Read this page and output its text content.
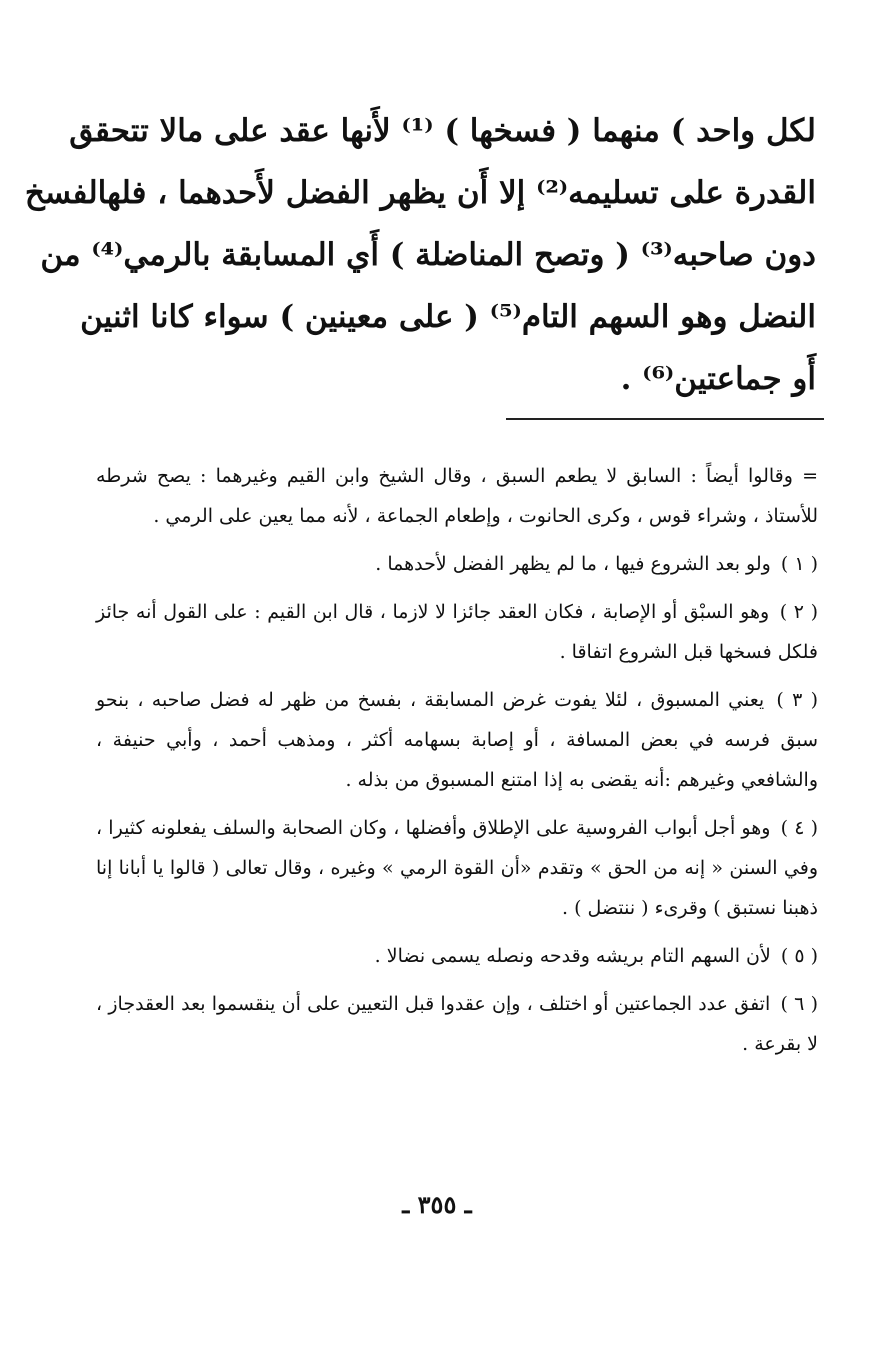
لكل واحد ) منهما ( فسخها ) ⁽¹⁾ لأَنها عقد على مالا تتحقق
القدرة على تسليمه⁽²⁾ إلا أَن يظهر الفضل لأَحدهما ، فلهالفسخ
دون صاحبه⁽³⁾ ( وتصح المناضلة ) أَي المسابقة بالرمي⁽⁴⁾ من
النضل وهو السهم التام⁽⁵⁾ ( على معينين ) سواء كانا اثنين
أَو جماعتين⁽⁶⁾ .

= وقالوا أيضاً : السابق لا يطعم السبق ، وقال الشيخ وابن القيم وغيرهما : يصح شرطه للأستاذ ، وشراء قوس ، وكرى الحانوت ، وإطعام الجماعة ، لأنه مما يعين على الرمي .

( ١ ) ولو بعد الشروع فيها ، ما لم يظهر الفضل لأحدهما .

( ٢ ) وهو السبْق أو الإصابة ، فكان العقد جائزا لا لازما ، قال ابن القيم : على القول أنه جائز فلكل فسخها قبل الشروع اتفاقا .

( ٣ ) يعني المسبوق ، لئلا يفوت غرض المسابقة ، بفسخ من ظهر له فضل صاحبه ، بنحو سبق فرسه في بعض المسافة ، أو إصابة بسهامه أكثر ، ومذهب أحمد ، وأبي حنيفة ، والشافعي وغيرهم :أنه يقضى به إذا امتنع المسبوق من بذله .

( ٤ ) وهو أجل أبواب الفروسية على الإطلاق وأفضلها ، وكان الصحابة والسلف يفعلونه كثيرا ، وفي السنن « إنه من الحق » وتقدم «أن القوة الرمي » وغيره ، وقال تعالى ( قالوا يا أبانا إنا ذهبنا نستبق ) وقرىء ( ننتضل ) .

( ٥ ) لأن السهم التام بريشه وقدحه ونصله يسمى نضالا .

( ٦ ) اتفق عدد الجماعتين أو اختلف ، وإن عقدوا قبل التعيين على أن ينقسموا بعد العقدجاز ، لا بقرعة .

ـ ٣٥٥ ـ
